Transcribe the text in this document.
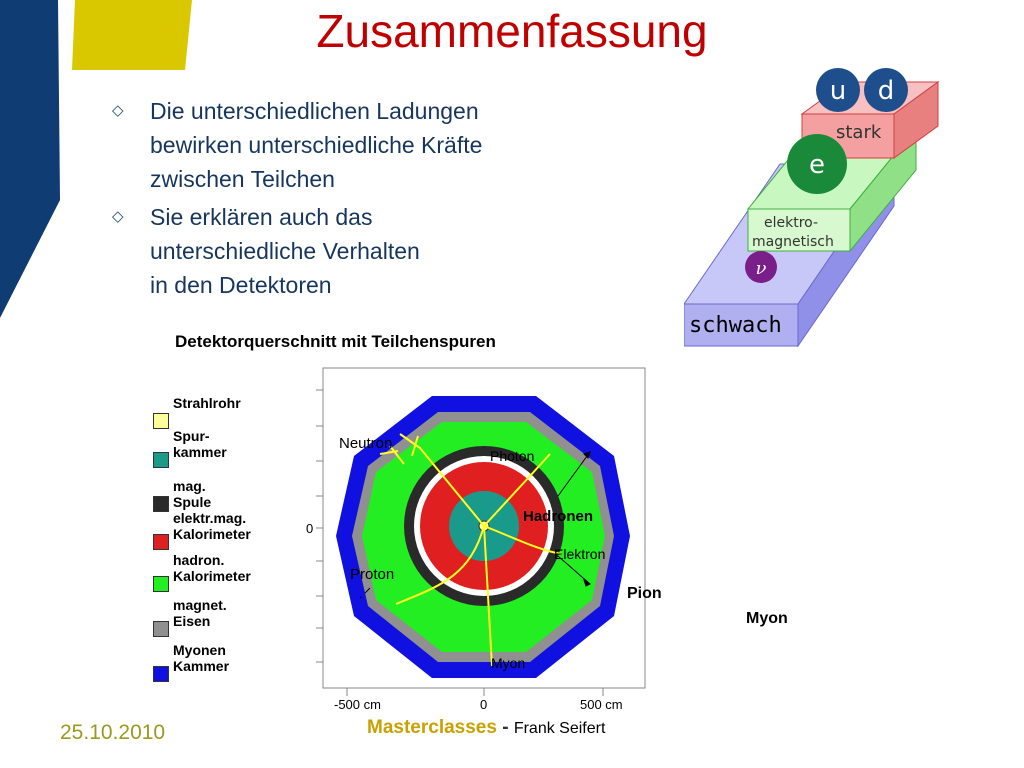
Zusammenfassung
◇ Die unterschiedlichen Ladungen
bewirken unterschiedliche Kräfte
zwischen Teilchen
◇ Sie erklären auch das
unterschiedliche Verhalten
in den Detektoren
stark
elektro-
magnetisch
schwach
u d
e
ν
Detektorquerschnitt mit Teilchenspuren

Strahlrohr

Spur-
kammer

mag. Spule

elektr.mag.
Kalorimeter

hadron.
Kalorimeter

magnet.
Eisen

Myonen
Kammer

Neutron
Photon
Hadronen
Elektron
Proton
Myon
Pion
Myon
-500 cm	0	500 cm
0
25.10.2010	Masterclasses - Frank Seifert
